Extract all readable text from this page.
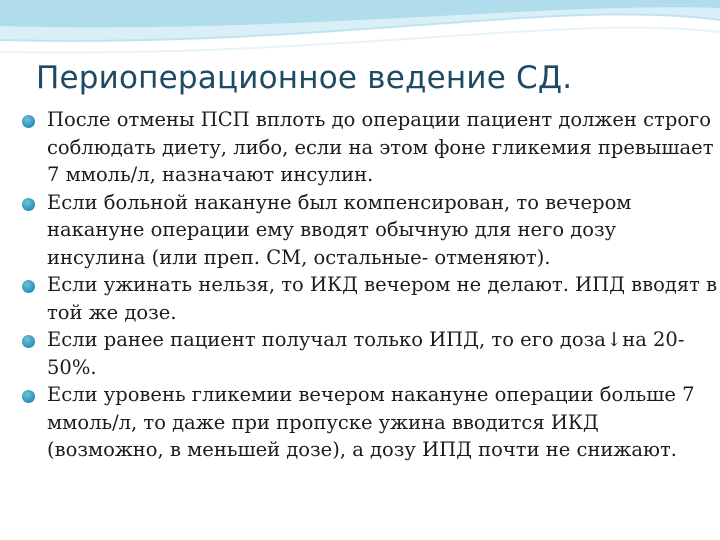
Периоперационное ведение СД.
После отмены ПСП вплоть до операции пациент должен строго соблюдать диету, либо, если на этом фоне гликемия превышает 7 ммоль/л, назначают инсулин.
Если больной накануне был компенсирован, то вечером накануне операции ему вводят обычную для него дозу инсулина (или преп. СМ, остальные- отменяют).
Если ужинать нельзя, то ИКД вечером не делают. ИПД вводят в той же дозе.
Если ранее пациент получал только ИПД, то его доза↓на 20-50%.
Если уровень гликемии вечером накануне операции больше 7 ммоль/л, то даже при пропуске ужина вводится ИКД (возможно, в меньшей дозе), а дозу ИПД почти не снижают.
